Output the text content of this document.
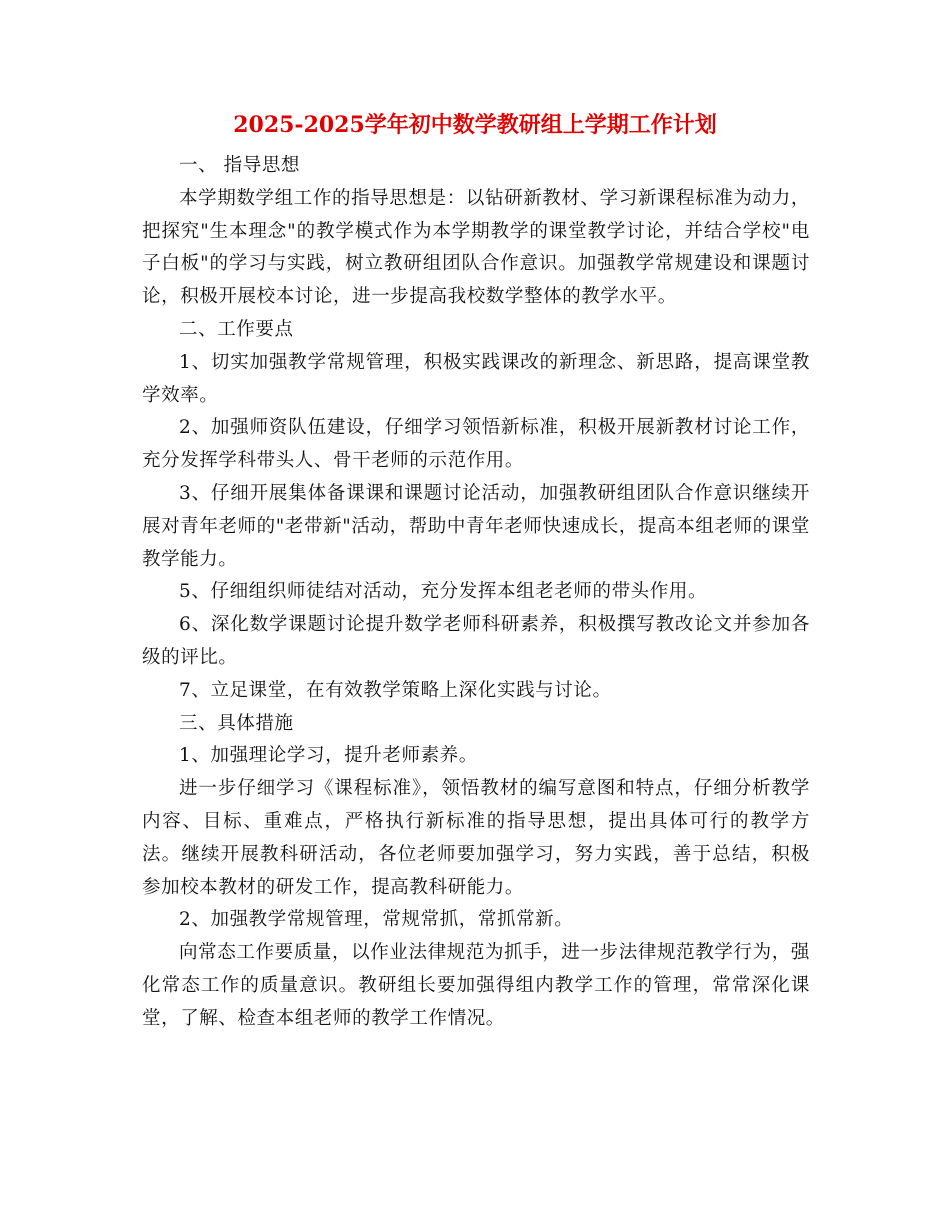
2025-2025学年初中数学教研组上学期工作计划

一、 指导思想

本学期数学组工作的指导思想是：以钻研新教材、学习新课程标准为动力，把探究"生本理念"的教学模式作为本学期教学的课堂教学讨论，并结合学校"电子白板"的学习与实践，树立教研组团队合作意识。加强教学常规建设和课题讨论，积极开展校本讨论，进一步提高我校数学整体的教学水平。

二、工作要点

1、切实加强教学常规管理，积极实践课改的新理念、新思路，提高课堂教学效率。

2、加强师资队伍建设，仔细学习领悟新标准，积极开展新教材讨论工作，充分发挥学科带头人、骨干老师的示范作用。

3、仔细开展集体备课课和课题讨论活动，加强教研组团队合作意识继续开展对青年老师的"老带新"活动，帮助中青年老师快速成长，提高本组老师的课堂教学能力。

5、仔细组织师徒结对活动，充分发挥本组老老师的带头作用。

6、深化数学课题讨论提升数学老师科研素养，积极撰写教改论文并参加各级的评比。

7、立足课堂，在有效教学策略上深化实践与讨论。

三、具体措施

1、加强理论学习，提升老师素养。

进一步仔细学习《课程标准》，领悟教材的编写意图和特点，仔细分析教学内容、目标、重难点，严格执行新标准的指导思想，提出具体可行的教学方法。继续开展教科研活动，各位老师要加强学习，努力实践，善于总结，积极参加校本教材的研发工作，提高教科研能力。

2、加强教学常规管理，常规常抓，常抓常新。

向常态工作要质量，以作业法律规范为抓手，进一步法律规范教学行为，强化常态工作的质量意识。教研组长要加强得组内教学工作的管理，常常深化课堂，了解、检查本组老师的教学工作情况。
